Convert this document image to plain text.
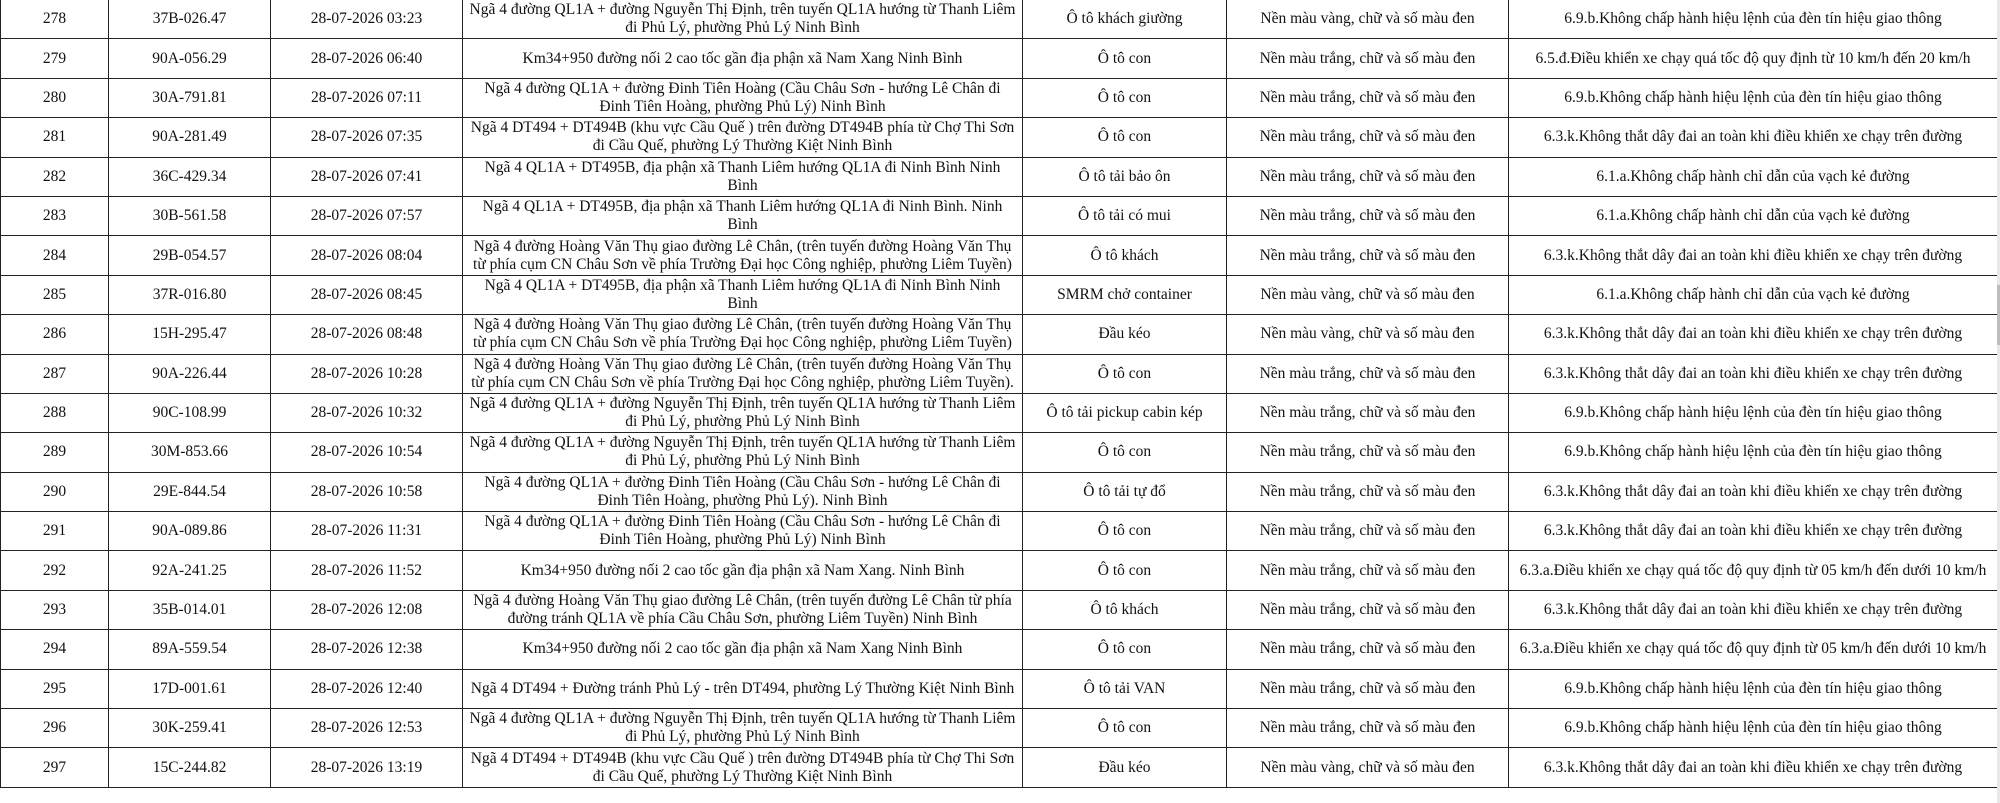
278	37B-026.47	28-07-2026 03:23	Ngã 4 đường QL1A + đường Nguyễn Thị Định, trên tuyến QL1A hướng từ Thanh Liêm đi Phủ Lý, phường Phủ Lý Ninh Bình	Ô tô khách giường	Nền màu vàng, chữ và số màu đen	6.9.b.Không chấp hành hiệu lệnh của đèn tín hiệu giao thông
279	90A-056.29	28-07-2026 06:40	Km34+950 đường nối 2 cao tốc gần địa phận xã Nam Xang Ninh Bình	Ô tô con	Nền màu trắng, chữ và số màu đen	6.5.đ.Điều khiển xe chạy quá tốc độ quy định từ 10 km/h đến 20 km/h
280	30A-791.81	28-07-2026 07:11	Ngã 4 đường QL1A + đường Đinh Tiên Hoàng (Cầu Châu Sơn - hướng Lê Chân đi Đinh Tiên Hoàng, phường Phủ Lý) Ninh Bình	Ô tô con	Nền màu trắng, chữ và số màu đen	6.9.b.Không chấp hành hiệu lệnh của đèn tín hiệu giao thông
281	90A-281.49	28-07-2026 07:35	Ngã 4 DT494 + DT494B (khu vực Cầu Quế ) trên đường DT494B phía từ Chợ Thi Sơn đi Cầu Quế, phường Lý Thường Kiệt Ninh Bình	Ô tô con	Nền màu trắng, chữ và số màu đen	6.3.k.Không thắt dây đai an toàn khi điều khiển xe chạy trên đường
282	36C-429.34	28-07-2026 07:41	Ngã 4 QL1A + DT495B, địa phận xã Thanh Liêm hướng QL1A đi Ninh Bình Ninh Bình	Ô tô tải bảo ôn	Nền màu trắng, chữ và số màu đen	6.1.a.Không chấp hành chỉ dẫn của vạch kẻ đường
283	30B-561.58	28-07-2026 07:57	Ngã 4 QL1A + DT495B, địa phận xã Thanh Liêm hướng QL1A đi Ninh Bình. Ninh Bình	Ô tô tải có mui	Nền màu trắng, chữ và số màu đen	6.1.a.Không chấp hành chỉ dẫn của vạch kẻ đường
284	29B-054.57	28-07-2026 08:04	Ngã 4 đường Hoàng Văn Thụ giao đường Lê Chân, (trên tuyến đường Hoàng Văn Thụ từ phía cụm CN Châu Sơn về phía Trường Đại học Công nghiệp, phường Liêm Tuyền)	Ô tô khách	Nền màu trắng, chữ và số màu đen	6.3.k.Không thắt dây đai an toàn khi điều khiển xe chạy trên đường
285	37R-016.80	28-07-2026 08:45	Ngã 4 QL1A + DT495B, địa phận xã Thanh Liêm hướng QL1A đi Ninh Bình Ninh Bình	SMRM chở container	Nền màu vàng, chữ và số màu đen	6.1.a.Không chấp hành chỉ dẫn của vạch kẻ đường
286	15H-295.47	28-07-2026 08:48	Ngã 4 đường Hoàng Văn Thụ giao đường Lê Chân, (trên tuyến đường Hoàng Văn Thụ từ phía cụm CN Châu Sơn về phía Trường Đại học Công nghiệp, phường Liêm Tuyền)	Đầu kéo	Nền màu vàng, chữ và số màu đen	6.3.k.Không thắt dây đai an toàn khi điều khiển xe chạy trên đường
287	90A-226.44	28-07-2026 10:28	Ngã 4 đường Hoàng Văn Thụ giao đường Lê Chân, (trên tuyến đường Hoàng Văn Thụ từ phía cụm CN Châu Sơn về phía Trường Đại học Công nghiệp, phường Liêm Tuyền).	Ô tô con	Nền màu trắng, chữ và số màu đen	6.3.k.Không thắt dây đai an toàn khi điều khiển xe chạy trên đường
288	90C-108.99	28-07-2026 10:32	Ngã 4 đường QL1A + đường Nguyễn Thị Định, trên tuyến QL1A hướng từ Thanh Liêm đi Phủ Lý, phường Phủ Lý Ninh Bình	Ô tô tải pickup cabin kép	Nền màu trắng, chữ và số màu đen	6.9.b.Không chấp hành hiệu lệnh của đèn tín hiệu giao thông
289	30M-853.66	28-07-2026 10:54	Ngã 4 đường QL1A + đường Nguyễn Thị Định, trên tuyến QL1A hướng từ Thanh Liêm đi Phủ Lý, phường Phủ Lý Ninh Bình	Ô tô con	Nền màu trắng, chữ và số màu đen	6.9.b.Không chấp hành hiệu lệnh của đèn tín hiệu giao thông
290	29E-844.54	28-07-2026 10:58	Ngã 4 đường QL1A + đường Đinh Tiên Hoàng (Cầu Châu Sơn - hướng Lê Chân đi Đinh Tiên Hoàng, phường Phủ Lý). Ninh Bình	Ô tô tải tự đổ	Nền màu trắng, chữ và số màu đen	6.3.k.Không thắt dây đai an toàn khi điều khiển xe chạy trên đường
291	90A-089.86	28-07-2026 11:31	Ngã 4 đường QL1A + đường Đinh Tiên Hoàng (Cầu Châu Sơn - hướng Lê Chân đi Đinh Tiên Hoàng, phường Phủ Lý) Ninh Bình	Ô tô con	Nền màu trắng, chữ và số màu đen	6.3.k.Không thắt dây đai an toàn khi điều khiển xe chạy trên đường
292	92A-241.25	28-07-2026 11:52	Km34+950 đường nối 2 cao tốc gần địa phận xã Nam Xang. Ninh Bình	Ô tô con	Nền màu trắng, chữ và số màu đen	6.3.a.Điều khiển xe chạy quá tốc độ quy định từ 05 km/h đến dưới 10 km/h
293	35B-014.01	28-07-2026 12:08	Ngã 4 đường Hoàng Văn Thụ giao đường Lê Chân, (trên tuyến đường Lê Chân từ phía đường tránh QL1A về phía Cầu Châu Sơn, phường Liêm Tuyền) Ninh Bình	Ô tô khách	Nền màu trắng, chữ và số màu đen	6.3.k.Không thắt dây đai an toàn khi điều khiển xe chạy trên đường
294	89A-559.54	28-07-2026 12:38	Km34+950 đường nối 2 cao tốc gần địa phận xã Nam Xang Ninh Bình	Ô tô con	Nền màu trắng, chữ và số màu đen	6.3.a.Điều khiển xe chạy quá tốc độ quy định từ 05 km/h đến dưới 10 km/h
295	17D-001.61	28-07-2026 12:40	Ngã 4 DT494 + Đường tránh Phủ Lý - trên DT494, phường Lý Thường Kiệt Ninh Bình	Ô tô tải VAN	Nền màu trắng, chữ và số màu đen	6.9.b.Không chấp hành hiệu lệnh của đèn tín hiệu giao thông
296	30K-259.41	28-07-2026 12:53	Ngã 4 đường QL1A + đường Nguyễn Thị Định, trên tuyến QL1A hướng từ Thanh Liêm đi Phủ Lý, phường Phủ Lý Ninh Bình	Ô tô con	Nền màu trắng, chữ và số màu đen	6.9.b.Không chấp hành hiệu lệnh của đèn tín hiệu giao thông
297	15C-244.82	28-07-2026 13:19	Ngã 4 DT494 + DT494B (khu vực Cầu Quế ) trên đường DT494B phía từ Chợ Thi Sơn đi Cầu Quế, phường Lý Thường Kiệt Ninh Bình	Đầu kéo	Nền màu vàng, chữ và số màu đen	6.3.k.Không thắt dây đai an toàn khi điều khiển xe chạy trên đường
